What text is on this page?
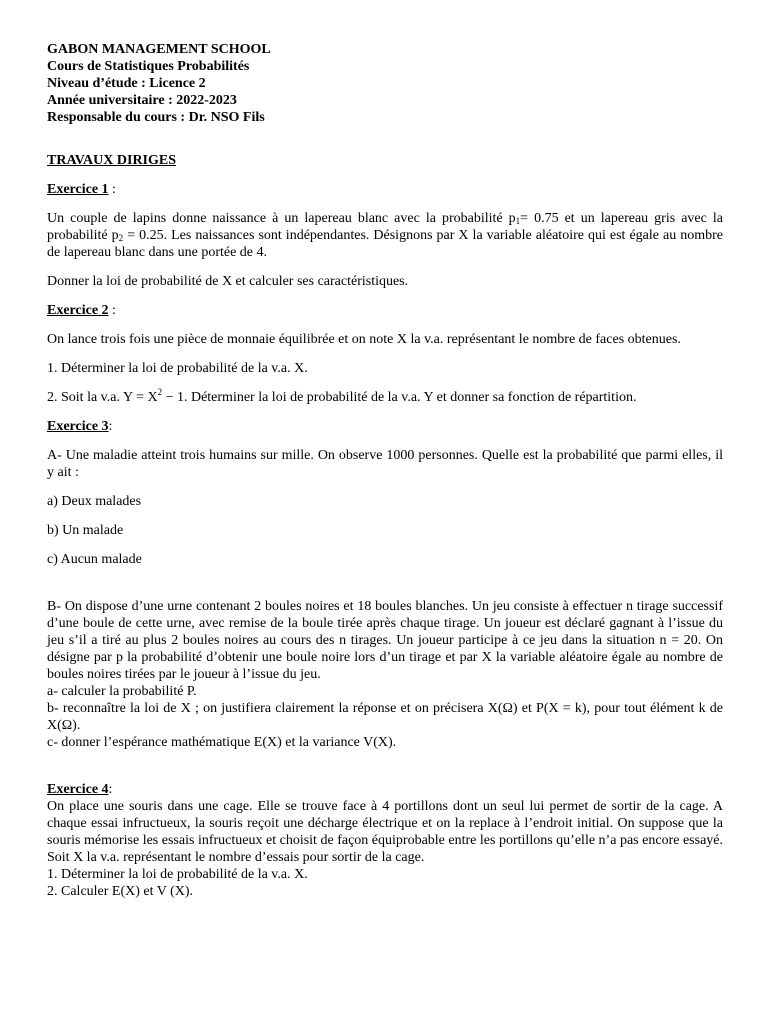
GABON MANAGEMENT SCHOOL
Cours de Statistiques Probabilités
Niveau d’étude : Licence 2
Année universitaire : 2022-2023
Responsable du cours : Dr. NSO Fils
TRAVAUX DIRIGES
Exercice 1 :

Un couple de lapins donne naissance à un lapereau blanc avec la probabilité $p_1= 0.75$ et un lapereau gris avec la probabilité $p_2 = 0.25$. Les naissances sont indépendantes. Désignons par X la variable aléatoire qui est égale au nombre de lapereau blanc dans une portée de 4.

Donner la loi de probabilité de X et calculer ses caractéristiques.

Exercice 2 :

On lance trois fois une pièce de monnaie équilibrée et on note X la v.a. représentant le nombre de faces obtenues.

1. Déterminer la loi de probabilité de la v.a. X.

2. Soit la v.a. $Y = X^2 - 1$. Déterminer la loi de probabilité de la v.a. Y et donner sa fonction de répartition.

Exercice 3:

A- Une maladie atteint trois humains sur mille. On observe 1000 personnes. Quelle est la probabilité que parmi elles, il y ait :

a) Deux malades

b) Un malade

c) Aucun malade

B- On dispose d’une urne contenant 2 boules noires et 18 boules blanches. Un jeu consiste à effectuer n tirage successif d’une boule de cette urne, avec remise de la boule tirée après chaque tirage. Un joueur est déclaré gagnant à l’issue du jeu s’il a tiré au plus 2 boules noires au cours des n tirages. Un joueur participe à ce jeu dans la situation n = 20. On désigne par p la probabilité d’obtenir une boule noire lors d’un tirage et par X la variable aléatoire égale au nombre de boules noires tirées par le joueur à l’issue du jeu.

a- calculer la probabilité P.

b- reconnaître la loi de X ; on justifiera clairement la réponse et on précisera X(Ω) et P(X = k), pour tout élément k de X(Ω).

c- donner l’espérance mathématique E(X) et la variance V(X).

Exercice 4:

On place une souris dans une cage. Elle se trouve face à 4 portillons dont un seul lui permet de sortir de la cage. A chaque essai infructueux, la souris reçoit une décharge électrique et on la replace à l’endroit initial. On suppose que la souris mémorise les essais infructueux et choisit de façon équiprobable entre les portillons qu’elle n’a pas encore essayé. Soit X la v.a. représentant le nombre d’essais pour sortir de la cage.

1. Déterminer la loi de probabilité de la v.a. X.

2. Calculer E(X) et V (X).
